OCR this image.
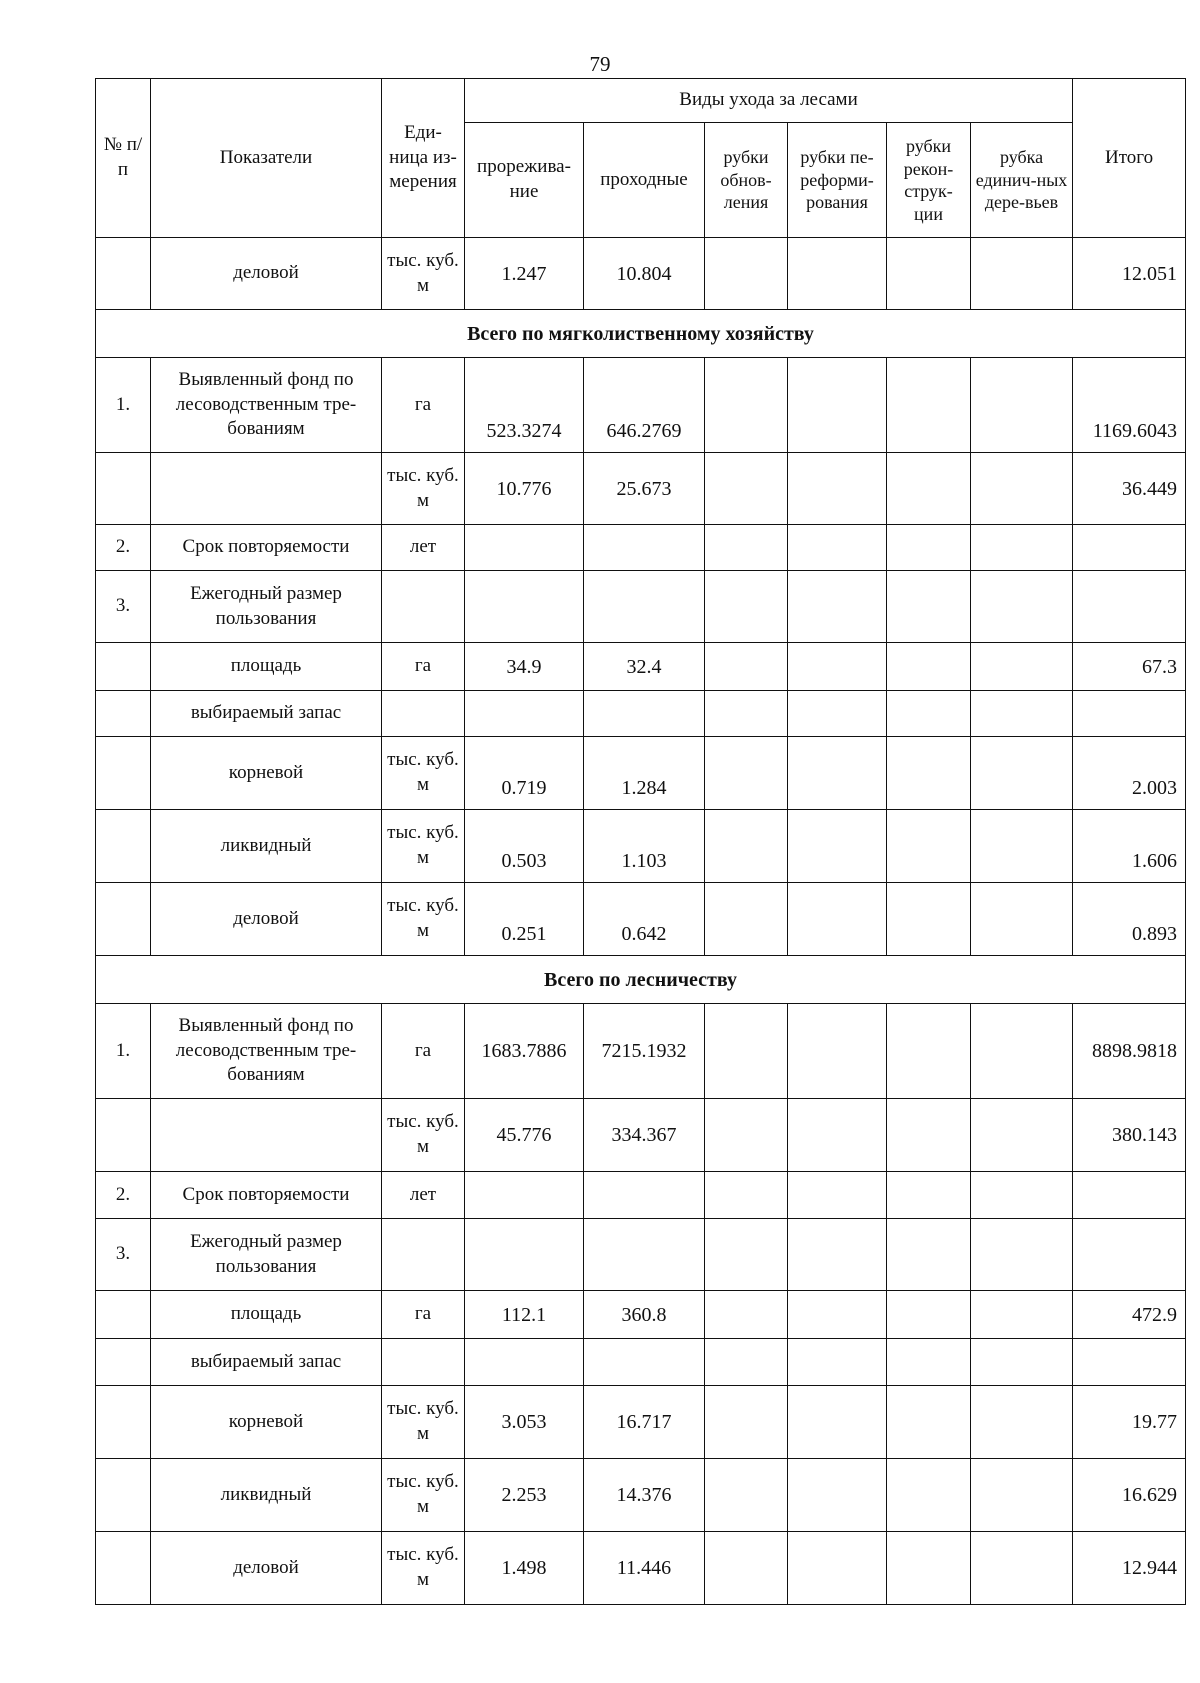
79
№ п/п	Показатели	Еди-ница из-мерения	Виды ухода за лесами						Итого
			прорежива-ние	проходные	рубки обнов-ления	рубки пе-реформи-рования	рубки рекон-струк-ции	рубка единич-ных дере-вьев	
	деловой	тыс. куб. м	1.247	10.804					12.051
Всего по мягколиственному хозяйству									
1.	Выявленный фонд по лесоводственным тре-бованиям	га	523.3274	646.2769					1169.6043
		тыс. куб. м	10.776	25.673					36.449
2.	Срок повторяемости	лет							
3.	Ежегодный размер пользования								
	площадь	га	34.9	32.4					67.3
	выбираемый запас								
	корневой	тыс. куб. м	0.719	1.284					2.003
	ликвидный	тыс. куб. м	0.503	1.103					1.606
	деловой	тыс. куб. м	0.251	0.642					0.893
Всего по лесничеству									
1.	Выявленный фонд по лесоводственным тре-бованиям	га	1683.7886	7215.1932					8898.9818
		тыс. куб. м	45.776	334.367					380.143
2.	Срок повторяемости	лет							
3.	Ежегодный размер пользования								
	площадь	га	112.1	360.8					472.9
	выбираемый запас								
	корневой	тыс. куб. м	3.053	16.717					19.77
	ликвидный	тыс. куб. м	2.253	14.376					16.629
	деловой	тыс. куб. м	1.498	11.446					12.944
